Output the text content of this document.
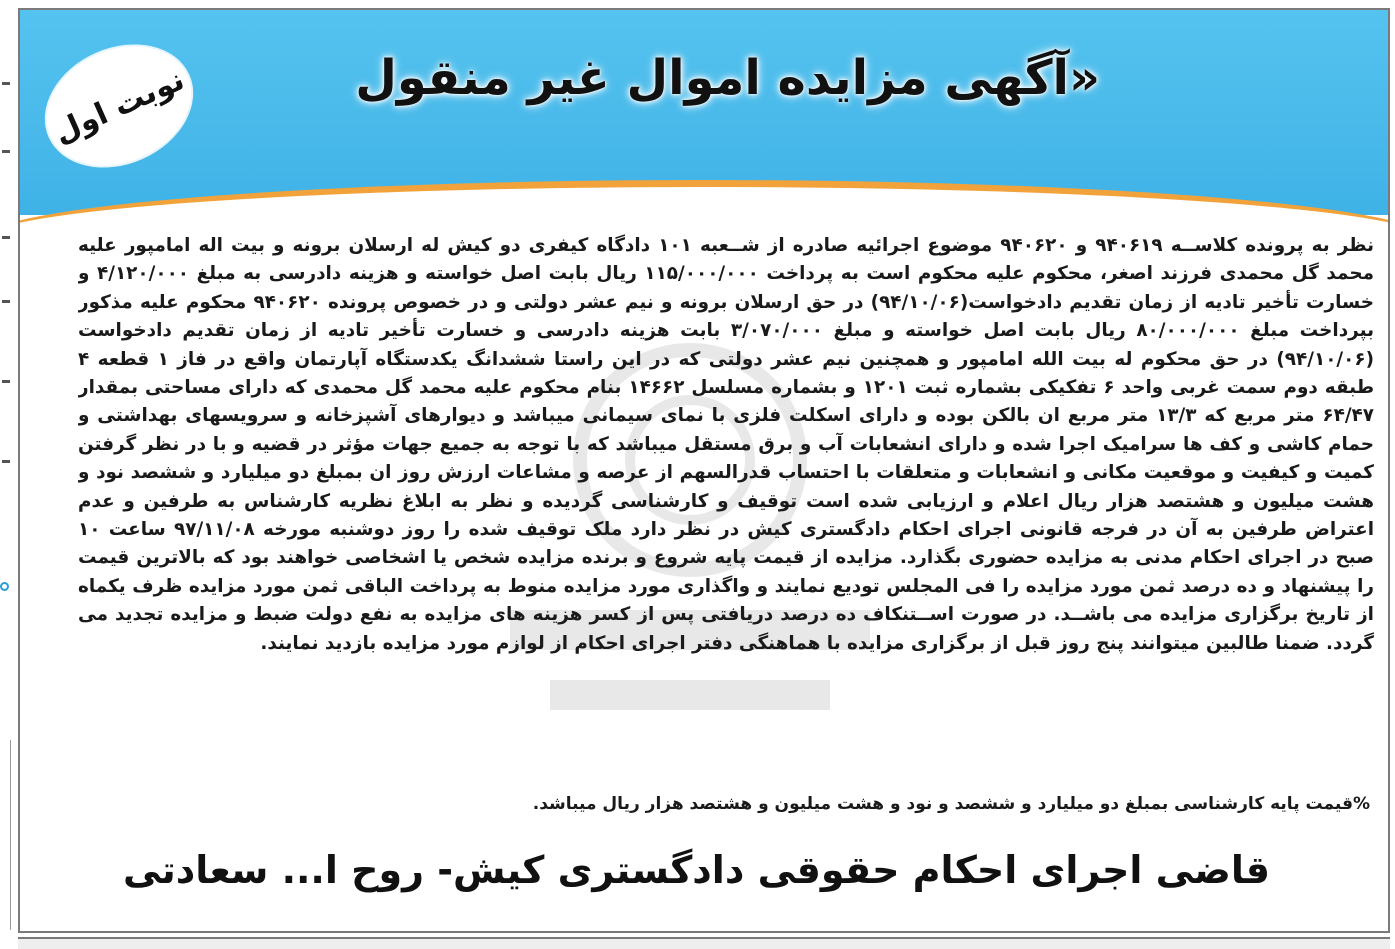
نوبت اول	«آگهی مزایده اموال غیر منقول
نظر به پرونده کلاســه ۹۴۰۶۱۹ و ۹۴۰۶۲۰ موضوع اجرائیه صادره از شــعبه ۱۰۱ دادگاه کیفری دو کیش له ارسلان برونه و بیت اله امامپور علیه محمد گل محمدی فرزند اصغر، محکوم علیه محکوم است به پرداخت ۱۱۵/۰۰۰/۰۰۰ ریال بابت اصل خواسته و هزینه دادرسی به مبلغ ۴/۱۲۰/۰۰۰ و خسارت تأخیر تادیه از زمان تقدیم دادخواست(۹۴/۱۰/۰۶) در حق ارسلان برونه و نیم عشر دولتی و در خصوص پرونده ۹۴۰۶۲۰ محکوم علیه مذکور بپرداخت مبلغ ۸۰/۰۰۰/۰۰۰ ریال بابت اصل خواسته و مبلغ ۳/۰۷۰/۰۰۰ بابت هزینه دادرسی و خسارت تأخیر تادیه از زمان تقدیم دادخواست (۹۴/۱۰/۰۶) در حق محکوم له بیت الله امامپور و همچنین نیم عشر دولتی که در این راستا ششدانگ یکدستگاه آپارتمان واقع در فاز ۱ قطعه ۴ طبقه دوم سمت غربی واحد ۶ تفکیکی بشماره ثبت ۱۲۰۱ و بشماره مسلسل ۱۴۶۶۲ بنام محکوم علیه محمد گل محمدی که دارای مساحتی بمقدار ۶۴/۴۷ متر مربع که ۱۳/۳ متر مربع ان بالکن بوده و دارای اسکلت فلزی با نمای سیمانی میباشد و دیوارهای آشپزخانه و سرویسهای بهداشتی و حمام کاشی و کف ها سرامیک اجرا شده و دارای انشعابات آب و برق مستقل میباشد که با توجه به جمیع جهات مؤثر در قضیه و با در نظر گرفتن کمیت و کیفیت و موقعیت مکانی و انشعابات و متعلقات با احتساب قدرالسهم از عرصه و مشاعات ارزش روز ان بمبلغ دو میلیارد و ششصد نود و هشت میلیون و هشتصد هزار ریال اعلام و ارزیابی شده است توقیف و کارشناسی گردیده و نظر به ابلاغ نظریه کارشناس به طرفین و عدم اعتراض طرفین به آن در فرجه قانونی اجرای احکام دادگستری کیش در نظر دارد ملک توقیف شده را روز دوشنبه مورخه ۹۷/۱۱/۰۸ ساعت ۱۰ صبح در اجرای احکام مدنی به مزایده حضوری بگذارد. مزایده از قیمت پایه شروع و برنده مزایده شخص یا اشخاصی خواهند بود که بالاترین قیمت را پیشنهاد و ده درصد ثمن مورد مزایده را فی المجلس تودیع نمایند و واگذاری مورد مزایده منوط به پرداخت الباقی ثمن مورد مزایده ظرف یکماه از تاریخ برگزاری مزایده می باشــد. در صورت اســتنکاف ده درصد دریافتی پس از کسر هزینه های مزایده به نفع دولت ضبط و مزایده تجدید می گردد. ضمنا طالبین میتوانند پنج روز قبل از برگزاری مزایده با هماهنگی دفتر اجرای احکام از لوازم مورد مزایده بازدید نمایند.
%قیمت پایه کارشناسی بمبلغ دو میلیارد و ششصد و نود و هشت میلیون و هشتصد هزار ریال میباشد.
قاضی اجرای احکام حقوقی دادگستری کیش- روح ا... سعادتی
